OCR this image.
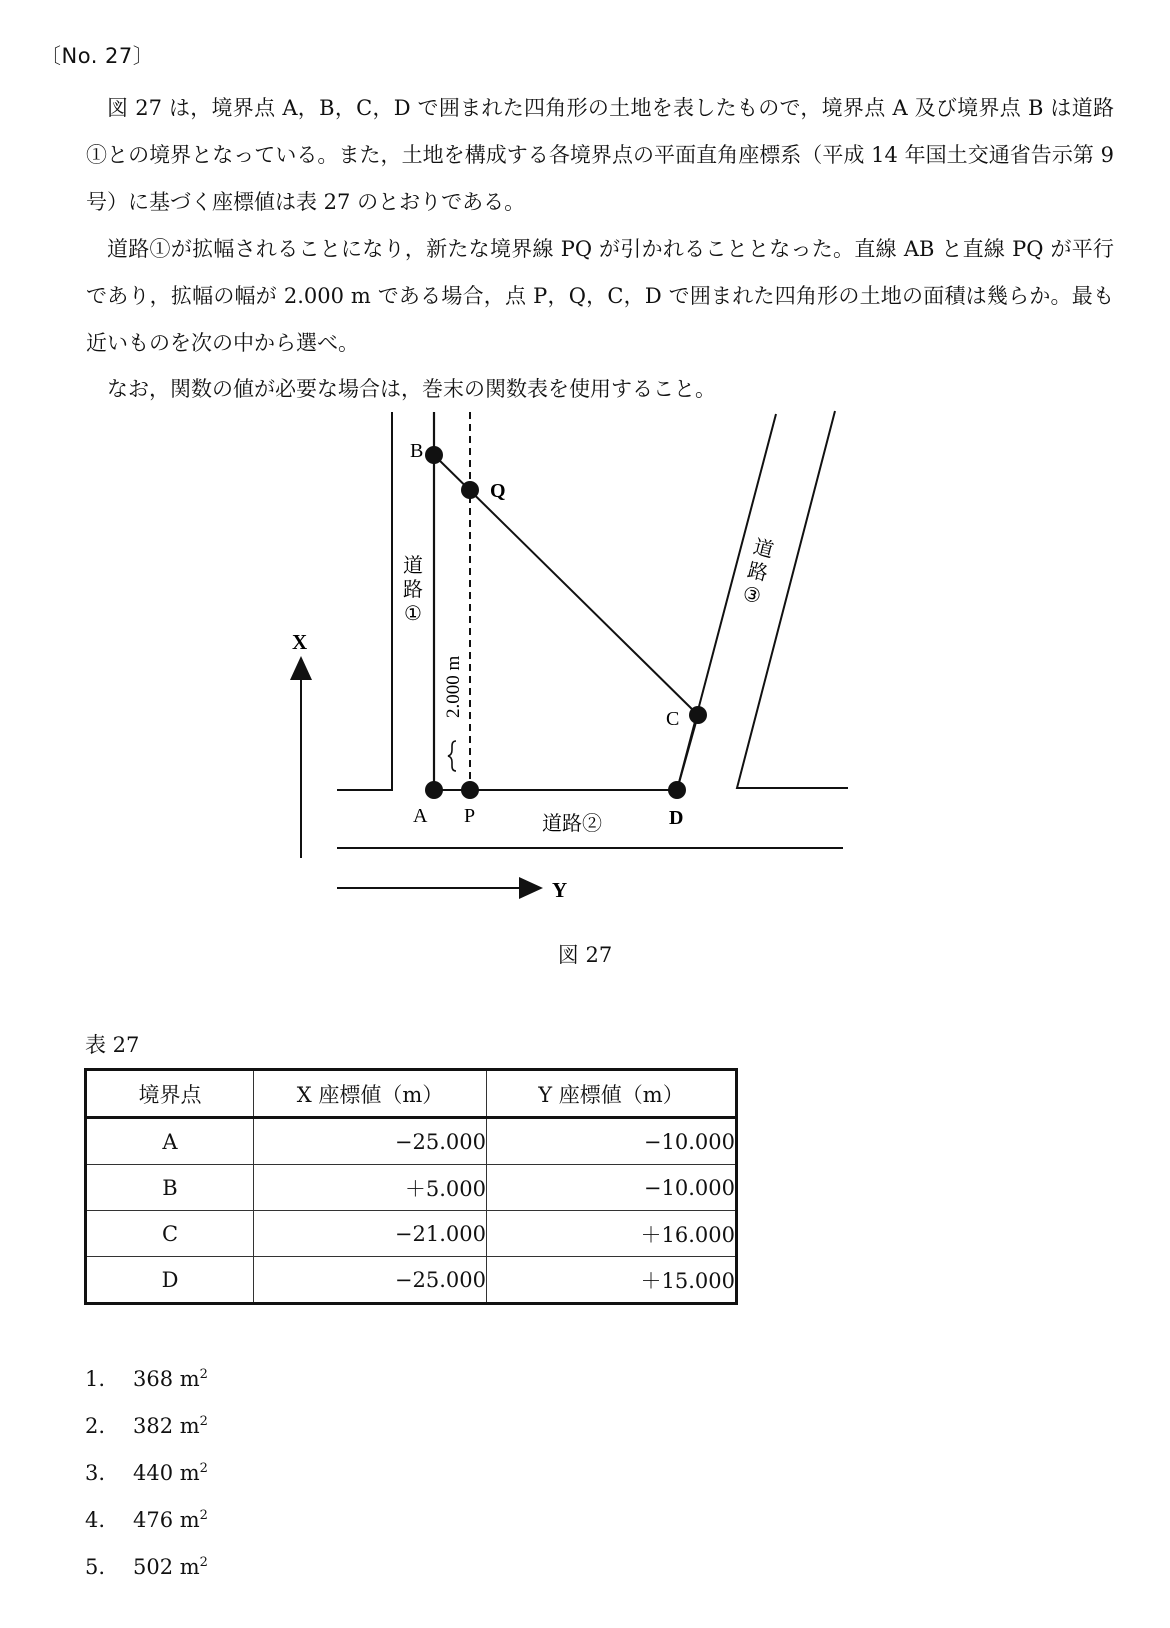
〔No. 27〕
図 27 は，境界点 A，B，C，D で囲まれた四角形の土地を表したもので，境界点 A 及び境界点 B は道路①との境界となっている。また，土地を構成する各境界点の平面直角座標系（平成 14 年国土交通省告示第 9 号）に基づく座標値は表 27 のとおりである。
道路①が拡幅されることになり，新たな境界線 PQ が引かれることとなった。直線 AB と直線 PQ が平行であり，拡幅の幅が 2.000 m である場合，点 P，Q，C，D で囲まれた四角形の土地の面積は幾らか。最も近いものを次の中から選べ。
なお，関数の値が必要な場合は，巻末の関数表を使用すること。
B
Q
C
A P	D
道
路
①
道
路
③
道路②
2.000 m
X
Y
図 27
表 27
境界点	X 座標値（m）	Y 座標値（m）
A	−25.000	−10.000
B	＋5.000	−10.000
C	−21.000	＋16.000
D	−25.000	＋15.000
1. 368 $m^2$
2. 382 $m^2$
3. 440 $m^2$
4. 476 $m^2$
5. 502 $m^2$
